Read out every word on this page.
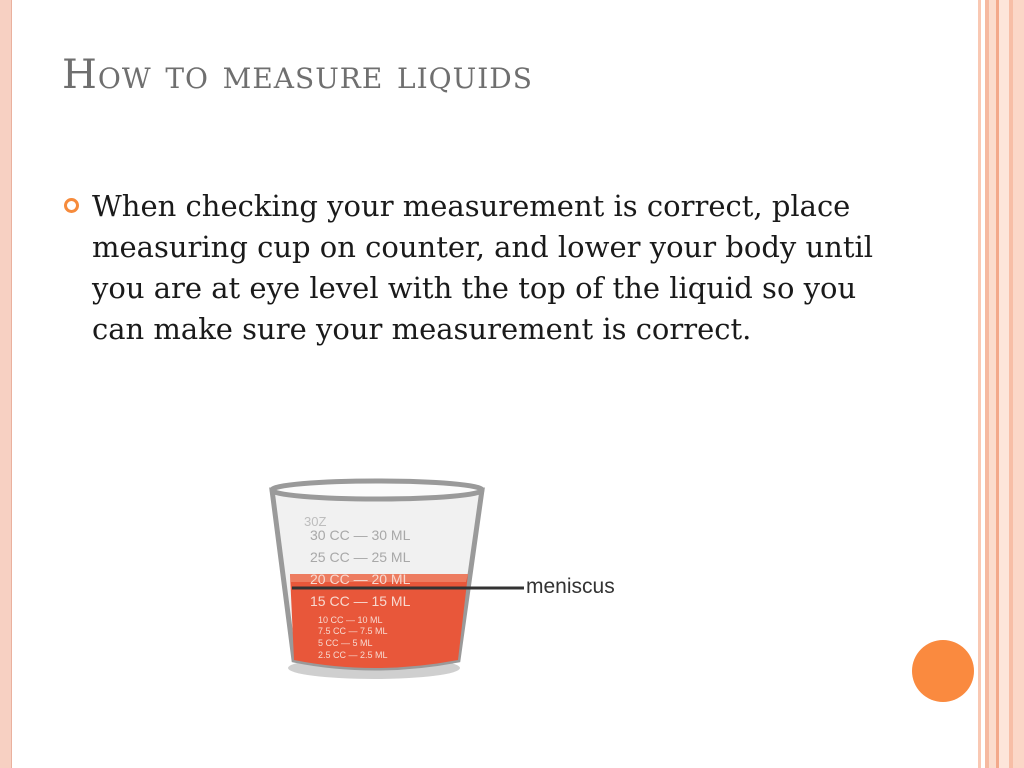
How to measure liquids

When checking your measurement is correct, place measuring cup on counter, and lower your body until you are at eye level with the top of the liquid so you can make sure your measurement is correct.

30Z
30 CC — 30 ML
25 CC — 25 ML
20 CC — 20 ML
15 CC — 15 ML
10 CC — 10 ML
7.5 CC — 7.5 ML
5 CC — 5 ML
2.5 CC — 2.5 ML
meniscus
